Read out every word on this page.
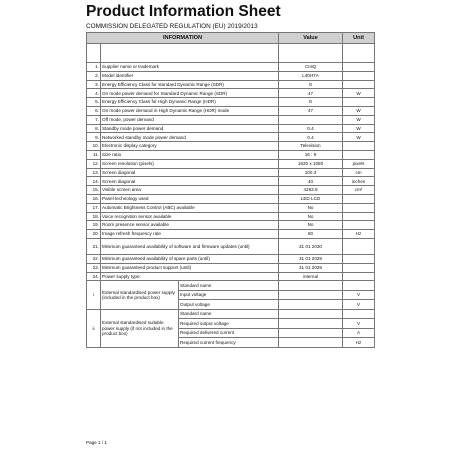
Product Information Sheet
COMMISSION DELEGATED REGULATION (EU) 2019/2013
INFORMATION			Value	Unit

1.	Supplier name or trademark		CHiQ	
2.	Model identifier		L40H7A	
3.	Energy Efficiency Class for standard Dynamic Range (SDR)		G	
4.	On mode power demand for Standard Dynamic Range (SDR)		47	W
5.	Energy Efficiency Class for High Dynamic Range (HDR)		G	
6.	On mode power demand in High Dynamic Range (HDR) mode		47	W
7.	Off mode, power demand			W
8.	Standby mode power demand		0.4	W
9.	Networked standby mode power demand		0.4	W
10.	Electronic display category		Television	
11.	Size ratio		16 : 9	
12.	Screen resolution (pixels)		1920 x 1080	pixels
13.	Screen diagonal		100.3	cm
14.	Screen diagonal		40	inches
15.	Visible screen area		4263.9	cm²
16.	Panel technology used		LED LCD	
17.	Automatic Brightness Control (ABC) available		No	
18.	Voice recognition sensor available		No	
19.	Room presence sensor available		No	
20.	Image refresh frequency rate		60	Hz
21.	Minimum guaranteed availability of software and firmware updates (until)		31 01 2030	
22.	Minimum guaranteed availability of spare parts (until)		31 01 2029	
23.	Minimum guaranteed product support (until)		31 01 2029	
24.	Power supply type:		internal	
i	External standardised power supply (included in the product box)	Standard name		
		Input voltage		V
		Output voltage		V
ii	External standardised suitable power supply (if not included in the product box)	Standard name		
		Required output voltage		V
		Required delivered current		A
		Required current frequency		Hz
Page 1 / 1
